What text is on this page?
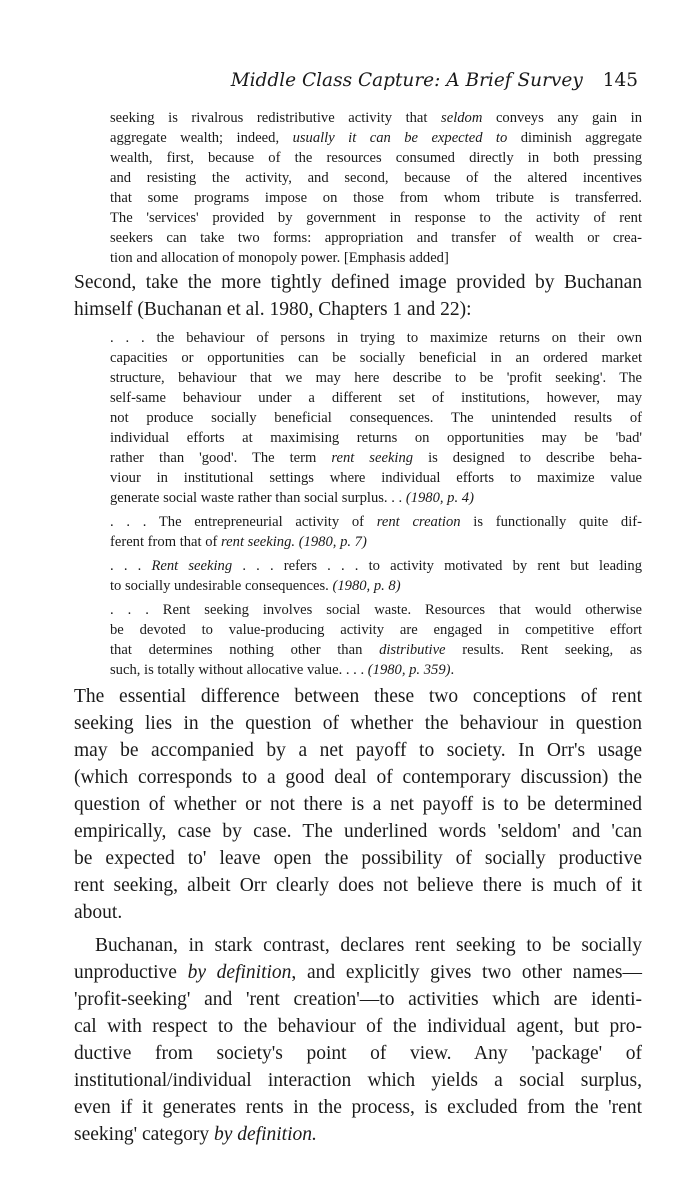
Middle Class Capture: A Brief Survey 145
seeking is rivalrous redistributive activity that seldom conveys any gain in
aggregate wealth; indeed, usually it can be expected to diminish aggregate
wealth, first, because of the resources consumed directly in both pressing
and resisting the activity, and second, because of the altered incentives
that some programs impose on those from whom tribute is transferred.
The 'services' provided by government in response to the activity of rent
seekers can take two forms: appropriation and transfer of wealth or crea-
tion and allocation of monopoly power. [Emphasis added]
Second, take the more tightly defined image provided by Buchanan
himself (Buchanan et al. 1980, Chapters 1 and 22):
. . . the behaviour of persons in trying to maximize returns on their own
capacities or opportunities can be socially beneficial in an ordered market
structure, behaviour that we may here describe to be 'profit seeking'. The
self-same behaviour under a different set of institutions, however, may
not produce socially beneficial consequences. The unintended results of
individual efforts at maximising returns on opportunities may be 'bad'
rather than 'good'. The term rent seeking is designed to describe beha-
viour in institutional settings where individual efforts to maximize value
generate social waste rather than social surplus. . . (1980, p. 4)
. . . The entrepreneurial activity of rent creation is functionally quite dif-
ferent from that of rent seeking. (1980, p. 7)
. . . Rent seeking . . . refers . . . to activity motivated by rent but leading
to socially undesirable consequences. (1980, p. 8)
. . . Rent seeking involves social waste. Resources that would otherwise
be devoted to value-producing activity are engaged in competitive effort
that determines nothing other than distributive results. Rent seeking, as
such, is totally without allocative value. . . . (1980, p. 359).
The essential difference between these two conceptions of rent
seeking lies in the question of whether the behaviour in question
may be accompanied by a net payoff to society. In Orr's usage
(which corresponds to a good deal of contemporary discussion) the
question of whether or not there is a net payoff is to be determined
empirically, case by case. The underlined words 'seldom' and 'can
be expected to' leave open the possibility of socially productive
rent seeking, albeit Orr clearly does not believe there is much of it
about.
Buchanan, in stark contrast, declares rent seeking to be socially
unproductive by definition, and explicitly gives two other names—
'profit-seeking' and 'rent creation'—to activities which are identi-
cal with respect to the behaviour of the individual agent, but pro-
ductive from society's point of view. Any 'package' of
institutional/individual interaction which yields a social surplus,
even if it generates rents in the process, is excluded from the 'rent
seeking' category by definition.
